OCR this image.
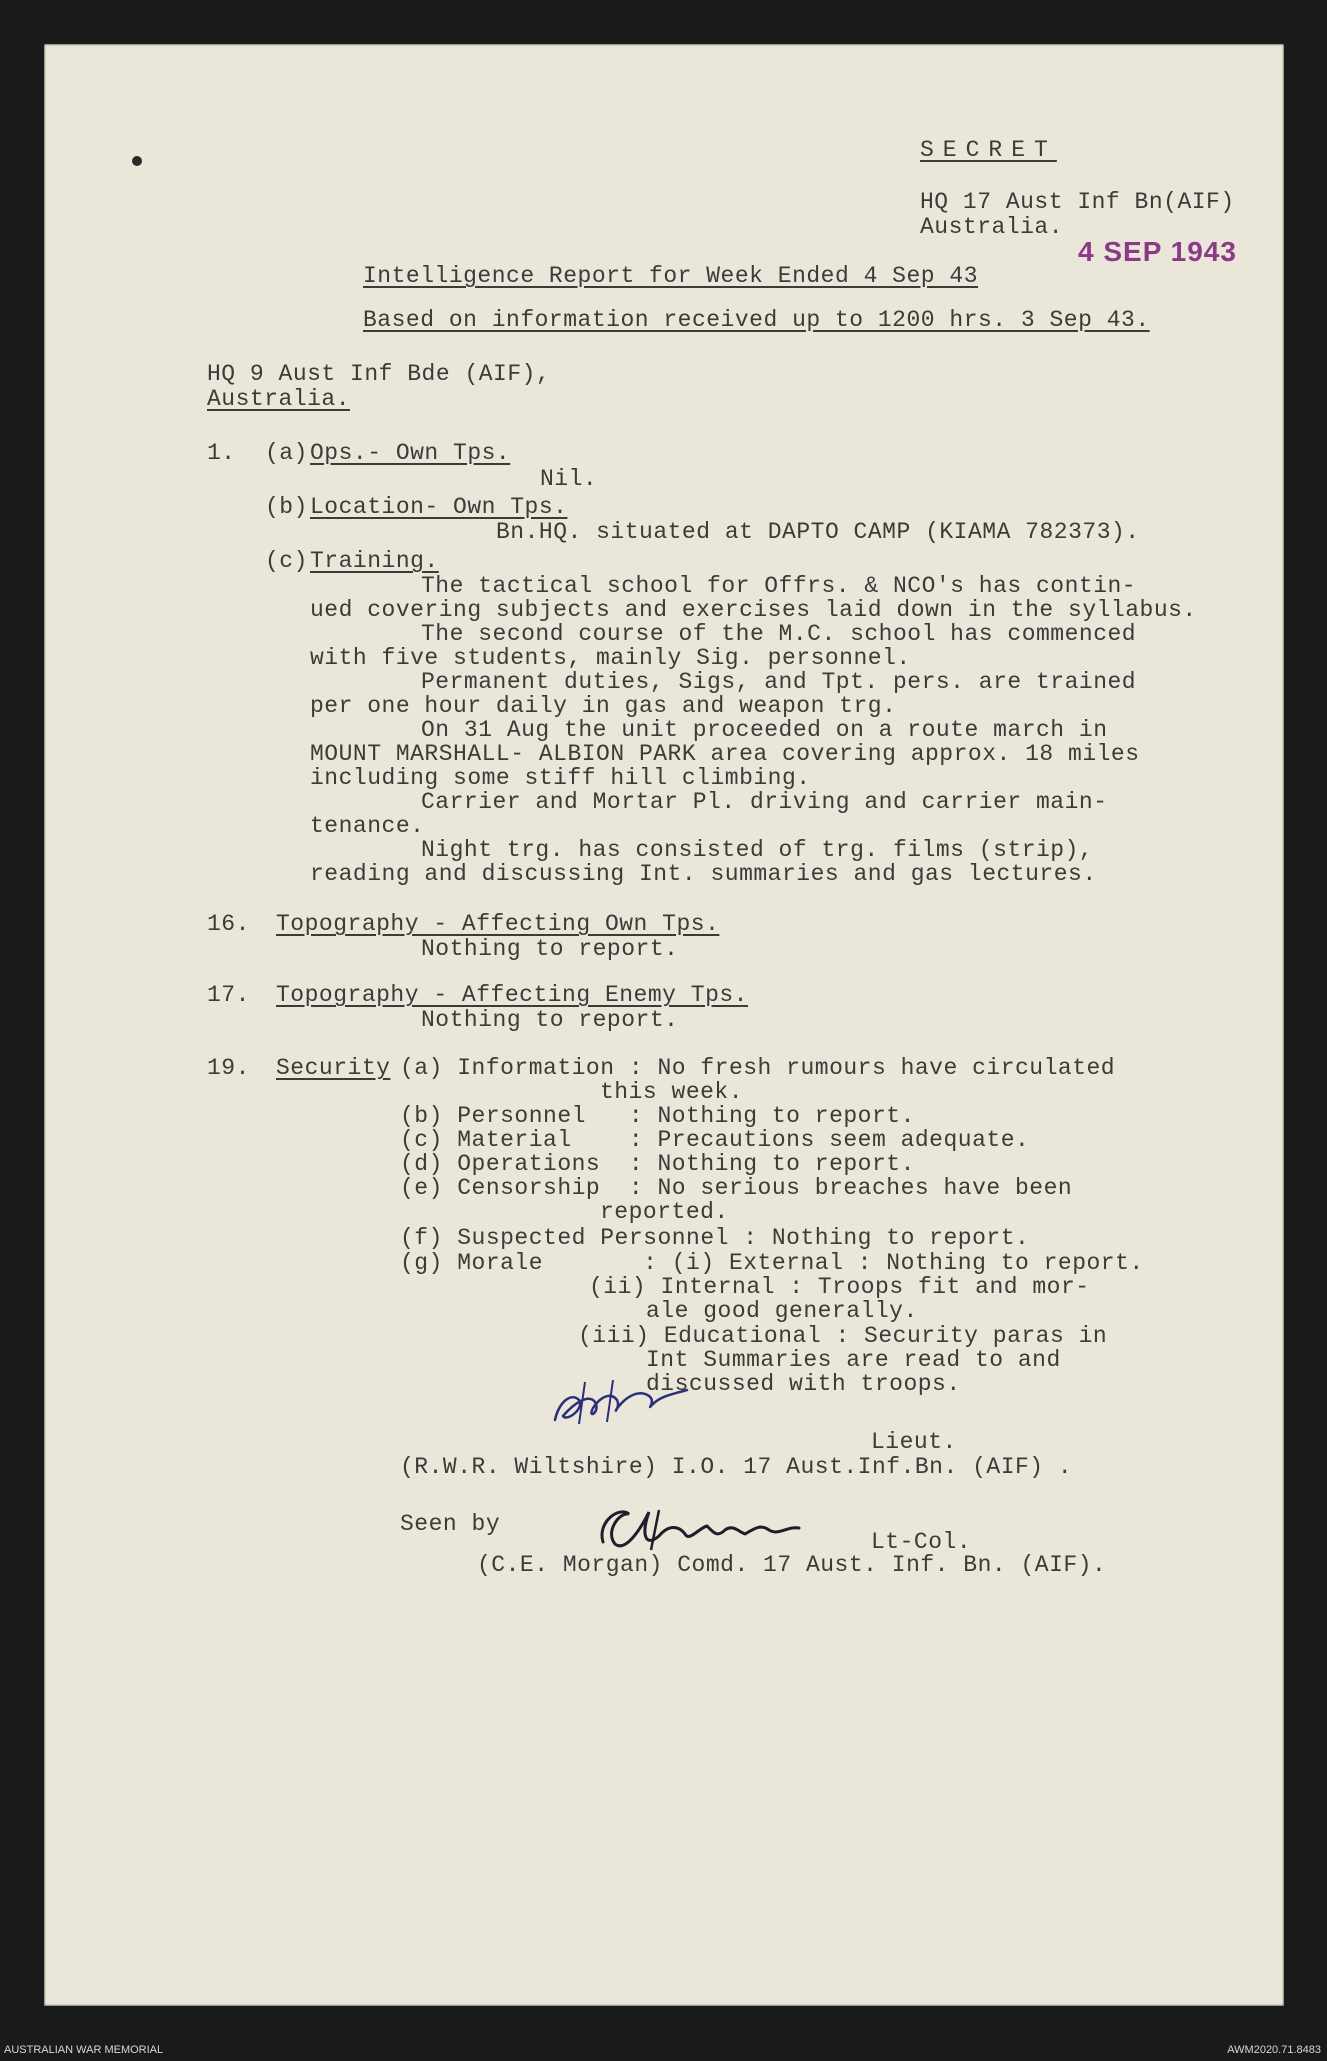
SECRET
HQ 17 Aust Inf Bn(AIF)
Australia.
4 SEP 1943
Intelligence Report for Week Ended 4 Sep 43
Based on information received up to 1200 hrs. 3 Sep 43.
HQ 9 Aust Inf Bde (AIF),
Australia.
1. (a) Ops.- Own Tps.
Nil.
(b) Location- Own Tps.
Bn.HQ. situated at DAPTO CAMP (KIAMA 782373).
(c) Training.
The tactical school for Offrs. & NCO's has contin-
ued covering subjects and exercises laid down in the syllabus.
The second course of the M.C. school has commenced
with five students, mainly Sig. personnel.
Permanent duties, Sigs, and Tpt. pers. are trained
per one hour daily in gas and weapon trg.
On 31 Aug the unit proceeded on a route march in
MOUNT MARSHALL- ALBION PARK area covering approx. 18 miles
including some stiff hill climbing.
Carrier and Mortar Pl. driving and carrier main-
tenance.
Night trg. has consisted of trg. films (strip),
reading and discussing Int. summaries and gas lectures.
16. Topography - Affecting Own Tps.
Nothing to report.
17. Topography - Affecting Enemy Tps.
Nothing to report.
19. Security (a) Information : No fresh rumours have circulated
this week.
(b) Personnel   : Nothing to report.
(c) Material    : Precautions seem adequate.
(d) Operations  : Nothing to report.
(e) Censorship  : No serious breaches have been
reported.
(f) Suspected Personnel : Nothing to report.
(g) Morale       : (i) External : Nothing to report.
(ii) Internal : Troops fit and mor-
ale good generally.
(iii) Educational : Security paras in
Int Summaries are read to and
discussed with troops.
Lieut.
(R.W.R. Wiltshire) I.O. 17 Aust.Inf.Bn. (AIF) .
Seen by
Lt-Col.
(C.E. Morgan) Comd. 17 Aust. Inf. Bn. (AIF).
AUSTRALIAN WAR MEMORIAL	AWM2020.71.8483
